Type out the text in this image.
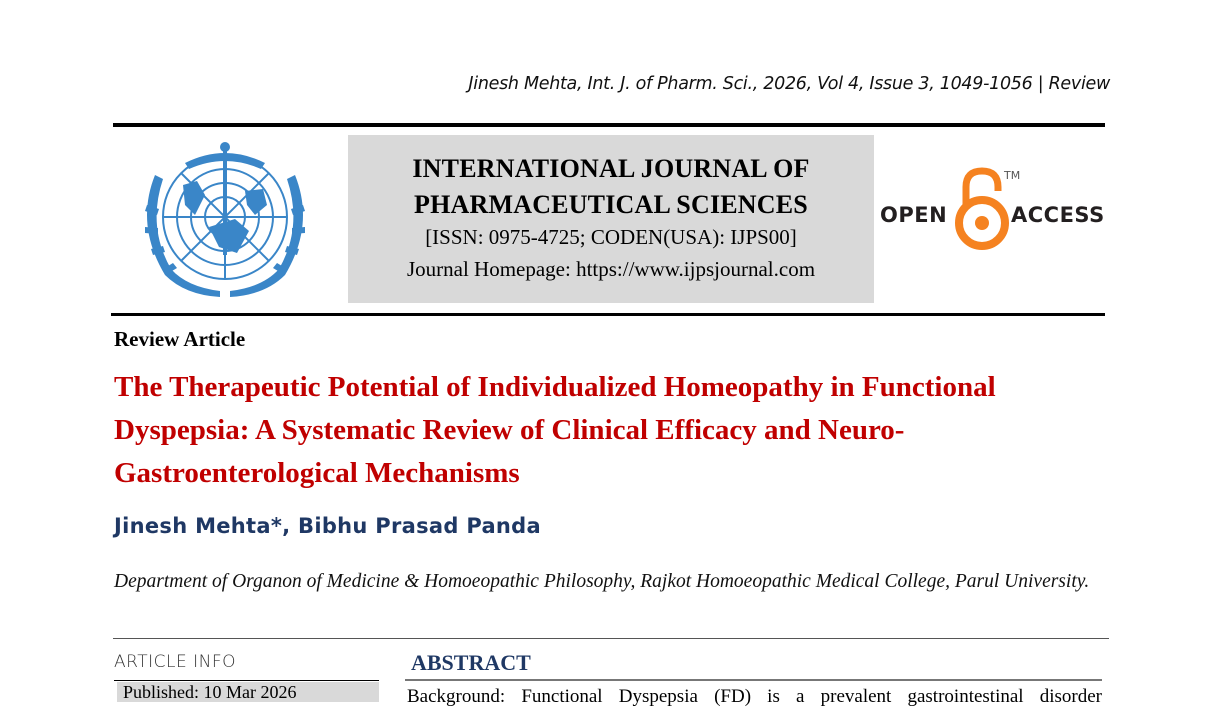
Jinesh Mehta, Int. J. of Pharm. Sci., 2026, Vol 4, Issue 3, 1049-1056 | Review
INTERNATIONAL JOURNAL OF
PHARMACEUTICAL SCIENCES
[ISSN: 0975-4725; CODEN(USA): IJPS00]
Journal Homepage: https://www.ijpsjournal.com
OPEN
TM
ACCESS
Review Article
The Therapeutic Potential of Individualized Homeopathy in Functional Dyspepsia: A Systematic Review of Clinical Efficacy and Neuro-Gastroenterological Mechanisms
Jinesh Mehta*, Bibhu Prasad Panda
Department of Organon of Medicine & Homoeopathic Philosophy, Rajkot Homoeopathic Medical College, Parul University.
ARTICLE INFO
Published: 10 Mar 2026
ABSTRACT
Background: Functional Dyspepsia (FD) is a prevalent gastrointestinal disorder
